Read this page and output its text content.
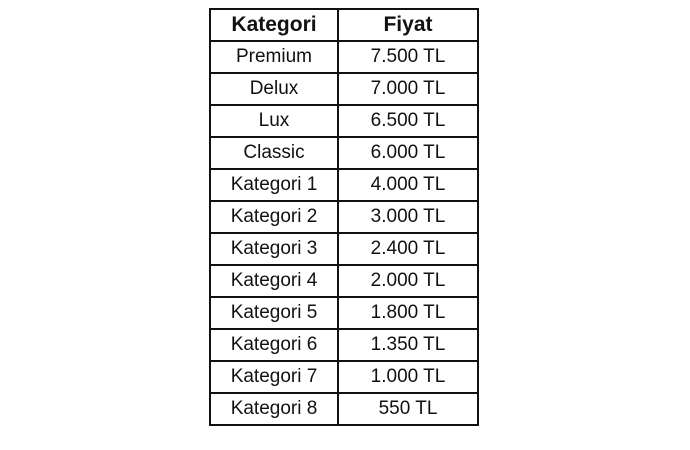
Kategori	Fiyat
Premium	7.500 TL
Delux	7.000 TL
Lux	6.500 TL
Classic	6.000 TL
Kategori 1	4.000 TL
Kategori 2	3.000 TL
Kategori 3	2.400 TL
Kategori 4	2.000 TL
Kategori 5	1.800 TL
Kategori 6	1.350 TL
Kategori 7	1.000 TL
Kategori 8	550 TL
